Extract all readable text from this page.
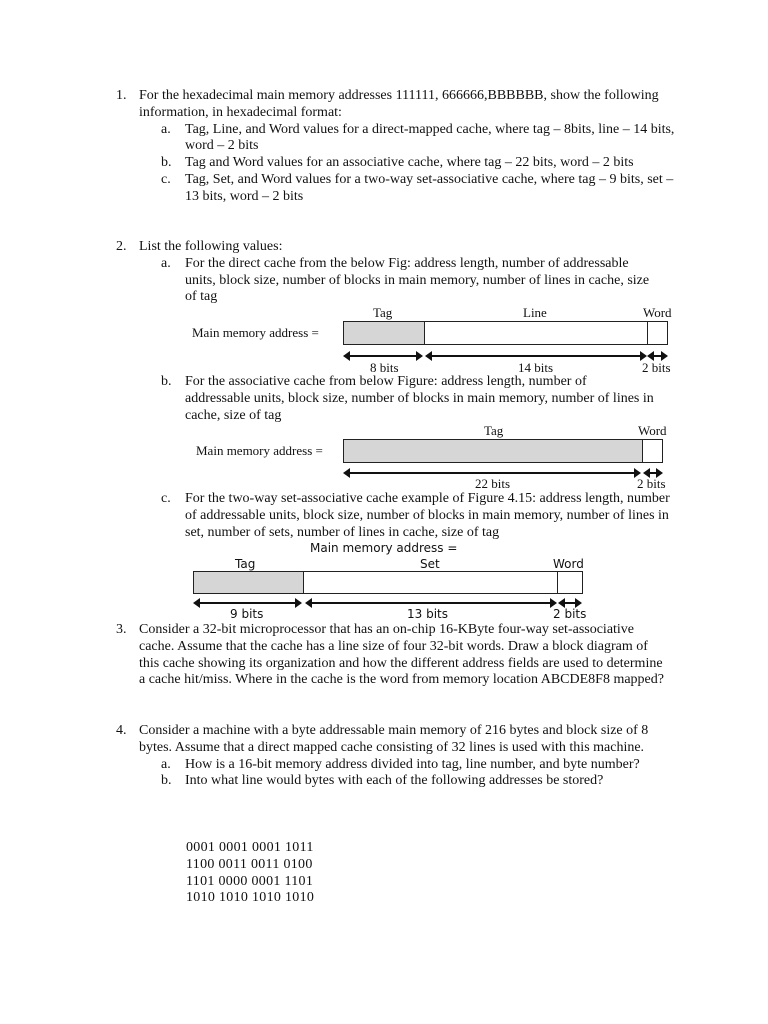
1. For the hexadecimal main memory addresses 111111, 666666,BBBBBB, show the following information, in hexadecimal format:
a. Tag, Line, and Word values for a direct-mapped cache, where tag – 8bits, line – 14 bits, word – 2 bits
b. Tag and Word values for an associative cache, where tag – 22 bits, word – 2 bits
c. Tag, Set, and Word values for a two-way set-associative cache, where tag – 9 bits, set – 13 bits, word – 2 bits
2. List the following values:
a. For the direct cache from the below Fig: address length, number of addressable units, block size, number of blocks in main memory, number of lines in cache, size of tag
Tag	Line	Word
Main memory address =
8 bits	14 bits	2 bits
b. For the associative cache from below Figure: address length, number of addressable units, block size, number of blocks in main memory, number of lines in cache, size of tag
Tag	Word
Main memory address =
22 bits	2 bits
c. For the two-way set-associative cache example of Figure 4.15: address length, number of addressable units, block size, number of blocks in main memory, number of lines in set, number of sets, number of lines in cache, size of tag
Main memory address =
Tag	Set	Word
9 bits	13 bits	2 bits
3. Consider a 32-bit microprocessor that has an on-chip 16-KByte four-way set-associative cache. Assume that the cache has a line size of four 32-bit words. Draw a block diagram of this cache showing its organization and how the different address fields are used to determine a cache hit/miss. Where in the cache is the word from memory location ABCDE8F8 mapped?
4. Consider a machine with a byte addressable main memory of 216 bytes and block size of 8 bytes. Assume that a direct mapped cache consisting of 32 lines is used with this machine.
a. How is a 16-bit memory address divided into tag, line number, and byte number?
b. Into what line would bytes with each of the following addresses be stored?
0001 0001 0001 1011
1100 0011 0011 0100
1101 0000 0001 1101
1010 1010 1010 1010
